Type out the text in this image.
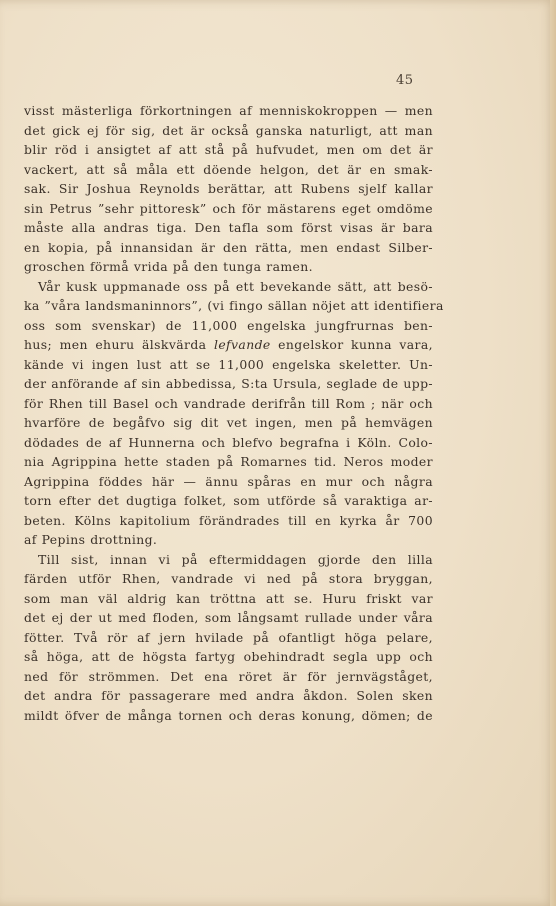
45
visst mästerliga förkortningen af menniskokroppen — men
det gick ej för sig, det är också ganska naturligt, att man
blir röd i ansigtet af att stå på hufvudet, men om det är
vackert, att så måla ett döende helgon, det är en smak-
sak. Sir Joshua Reynolds berättar, att Rubens sjelf kallar
sin Petrus ”sehr pittoresk” och för mästarens eget omdöme
måste alla andras tiga. Den tafla som först visas är bara
en kopia, på innansidan är den rätta, men endast Silber-
groschen förmå vrida på den tunga ramen.
Vår kusk uppmanade oss på ett bevekande sätt, att besö-
ka ”våra landsmaninnors”, (vi fingo sällan nöjet att identifiera
oss som svenskar) de 11,000 engelska jungfrurnas ben-
hus; men ehuru älskvärda lefvande engelskor kunna vara,
kände vi ingen lust att se 11,000 engelska skeletter. Un-
der anförande af sin abbedissa, S:ta Ursula, seglade de upp-
för Rhen till Basel och vandrade derifrån till Rom ; när och
hvarföre de begåfvo sig dit vet ingen, men på hemvägen
dödades de af Hunnerna och blefvo begrafna i Köln. Colo-
nia Agrippina hette staden på Romarnes tid. Neros moder
Agrippina föddes här — ännu spåras en mur och några
torn efter det dugtiga folket, som utförde så varaktiga ar-
beten. Kölns kapitolium förändrades till en kyrka år 700
af Pepins drottning.
Till sist, innan vi på eftermiddagen gjorde den lilla
färden utför Rhen, vandrade vi ned på stora bryggan,
som man väl aldrig kan tröttna att se. Huru friskt var
det ej der ut med floden, som långsamt rullade under våra
fötter. Två rör af jern hvilade på ofantligt höga pelare,
så höga, att de högsta fartyg obehindradt segla upp och
ned för strömmen. Det ena röret är för jernvägståget,
det andra för passagerare med andra åkdon. Solen sken
mildt öfver de många tornen och deras konung, dömen; de
